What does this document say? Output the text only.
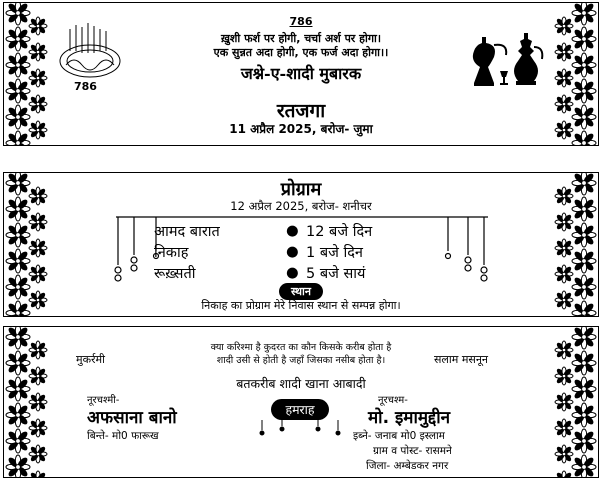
786
786
ख़ुशी फर्श पर होगी, चर्चा अर्श पर होगा।
एक सुन्नत अदा होगी, एक फर्ज अदा होगा।।
जश्ने-ए-शादी मुबारक
रतजगा
11 अप्रैल 2025, बरोज- जुमा
प्रोग्राम
12 अप्रैल 2025, बरोज- शनीचर
आमद बारात	● 12 बजे दिन
निकाह	● 1 बजे दिन
रूख़्सती	● 5 बजे सायं
स्थान
निकाह का प्रोग्राम मेरे निवास स्थान से सम्पन्न होगा।
क्या करिश्मा है कुदरत का कौन किसके करीब होता है
शादी उसी से होती है जहाँ जिसका नसीब होता है।
मुकर्रमी	सलाम मसनून
बतकरीब शादी खाना आबादी
नूरचश्मी-
अफसाना बानो
बिन्ते- मो0 फारूख
हमराह
नूरचश्म-
मो. इमामुद्दीन
इब्ने- जनाब मो0 इस्लाम
ग्राम व पोस्ट- रासमने
जिला- अम्बेडकर नगर
